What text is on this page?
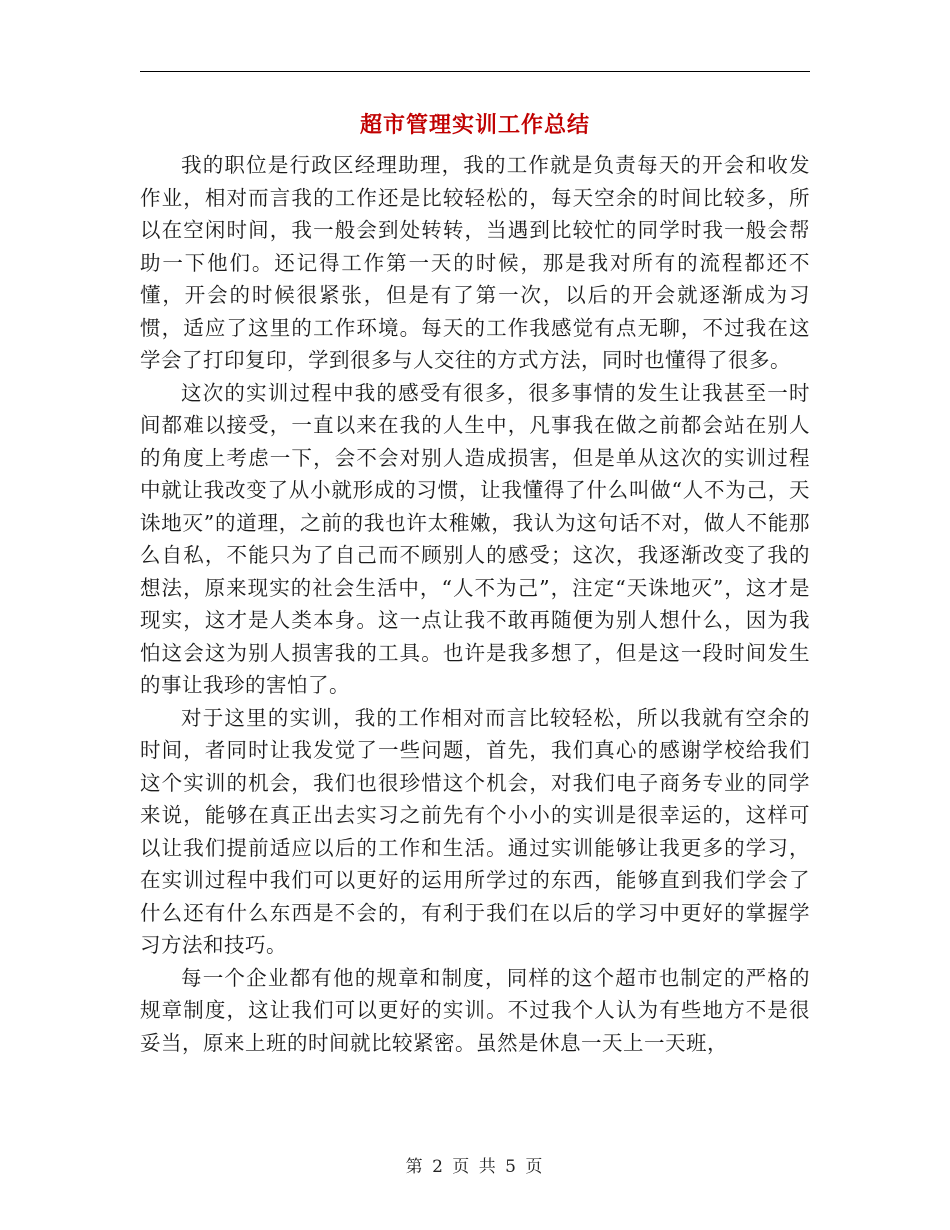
超市管理实训工作总结

我的职位是行政区经理助理，我的工作就是负责每天的开会和收发作业，相对而言我的工作还是比较轻松的，每天空余的时间比较多，所以在空闲时间，我一般会到处转转，当遇到比较忙的同学时我一般会帮助一下他们。还记得工作第一天的时候，那是我对所有的流程都还不懂，开会的时候很紧张，但是有了第一次，以后的开会就逐渐成为习惯，适应了这里的工作环境。每天的工作我感觉有点无聊，不过我在这学会了打印复印，学到很多与人交往的方式方法，同时也懂得了很多。

这次的实训过程中我的感受有很多，很多事情的发生让我甚至一时间都难以接受，一直以来在我的人生中，凡事我在做之前都会站在别人的角度上考虑一下，会不会对别人造成损害，但是单从这次的实训过程中就让我改变了从小就形成的习惯，让我懂得了什么叫做“人不为己，天诛地灭”的道理，之前的我也许太稚嫩，我认为这句话不对，做人不能那么自私，不能只为了自己而不顾别人的感受；这次，我逐渐改变了我的想法，原来现实的社会生活中，“人不为己”，注定“天诛地灭”，这才是现实，这才是人类本身。这一点让我不敢再随便为别人想什么，因为我怕这会这为别人损害我的工具。也许是我多想了，但是这一段时间发生的事让我珍的害怕了。

对于这里的实训，我的工作相对而言比较轻松，所以我就有空余的时间，者同时让我发觉了一些问题，首先，我们真心的感谢学校给我们这个实训的机会，我们也很珍惜这个机会，对我们电子商务专业的同学来说，能够在真正出去实习之前先有个小小的实训是很幸运的，这样可以让我们提前适应以后的工作和生活。通过实训能够让我更多的学习，在实训过程中我们可以更好的运用所学过的东西，能够直到我们学会了什么还有什么东西是不会的，有利于我们在以后的学习中更好的掌握学习方法和技巧。

每一个企业都有他的规章和制度，同样的这个超市也制定的严格的规章制度，这让我们可以更好的实训。不过我个人认为有些地方不是很妥当，原来上班的时间就比较紧密。虽然是休息一天上一天班，

第 2 页 共 5 页
